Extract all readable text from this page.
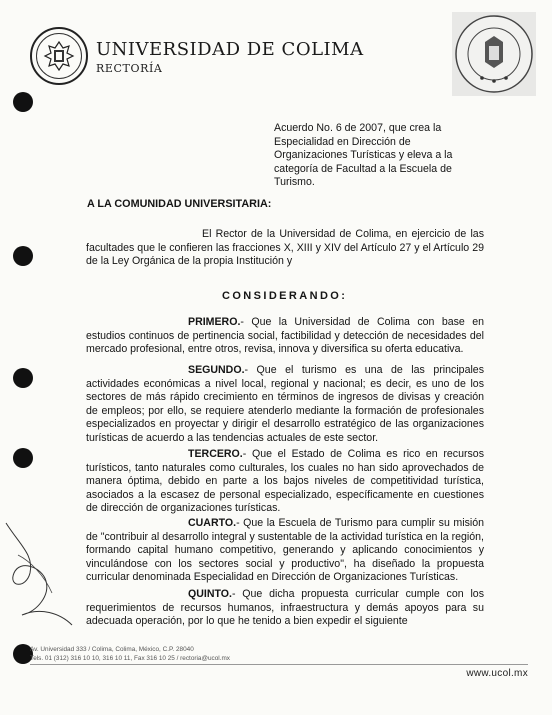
UNIVERSIDAD DE COLIMA
RECTORÍA
Acuerdo No. 6 de 2007, que crea la Especialidad en Dirección de Organizaciones Turísticas y eleva a la categoría de Facultad a la Escuela de Turismo.
A LA COMUNIDAD UNIVERSITARIA:
El Rector de la Universidad de Colima, en ejercicio de las facultades que le confieren las fracciones X, XIII y XIV del Artículo 27 y el Artículo 29 de la Ley Orgánica de la propia Institución y
CONSIDERANDO:
PRIMERO.- Que la Universidad de Colima con base en estudios continuos de pertinencia social, factibilidad y detección de necesidades del mercado profesional, entre otros, revisa, innova y diversifica su oferta educativa.
SEGUNDO.- Que el turismo es una de las principales actividades económicas a nivel local, regional y nacional; es decir, es uno de los sectores de más rápido crecimiento en términos de ingresos de divisas y creación de empleos; por ello, se requiere atenderlo mediante la formación de profesionales especializados en proyectar y dirigir el desarrollo estratégico de las organizaciones turísticas de acuerdo a las tendencias actuales de este sector.
TERCERO.- Que el Estado de Colima es rico en recursos turísticos, tanto naturales como culturales, los cuales no han sido aprovechados de manera óptima, debido en parte a los bajos niveles de competitividad turística, asociados a la escasez de personal especializado, específicamente en cuestiones de dirección de organizaciones turísticas.
CUARTO.- Que la Escuela de Turismo para cumplir su misión de "contribuir al desarrollo integral y sustentable de la actividad turística en la región, formando capital humano competitivo, generando y aplicando conocimientos y vinculándose con los sectores social y productivo", ha diseñado la propuesta curricular denominada Especialidad en Dirección de Organizaciones Turísticas.
QUINTO.- Que dicha propuesta curricular cumple con los requerimientos de recursos humanos, infraestructura y demás apoyos para su adecuada operación, por lo que he tenido a bien expedir el siguiente
Av. Universidad 333 / Colima, Colima, México, C.P. 28040
Tels. 01 (312) 316 10 10, 316 10 11, Fax 316 10 25 / rectoria@ucol.mx
www.ucol.mx
